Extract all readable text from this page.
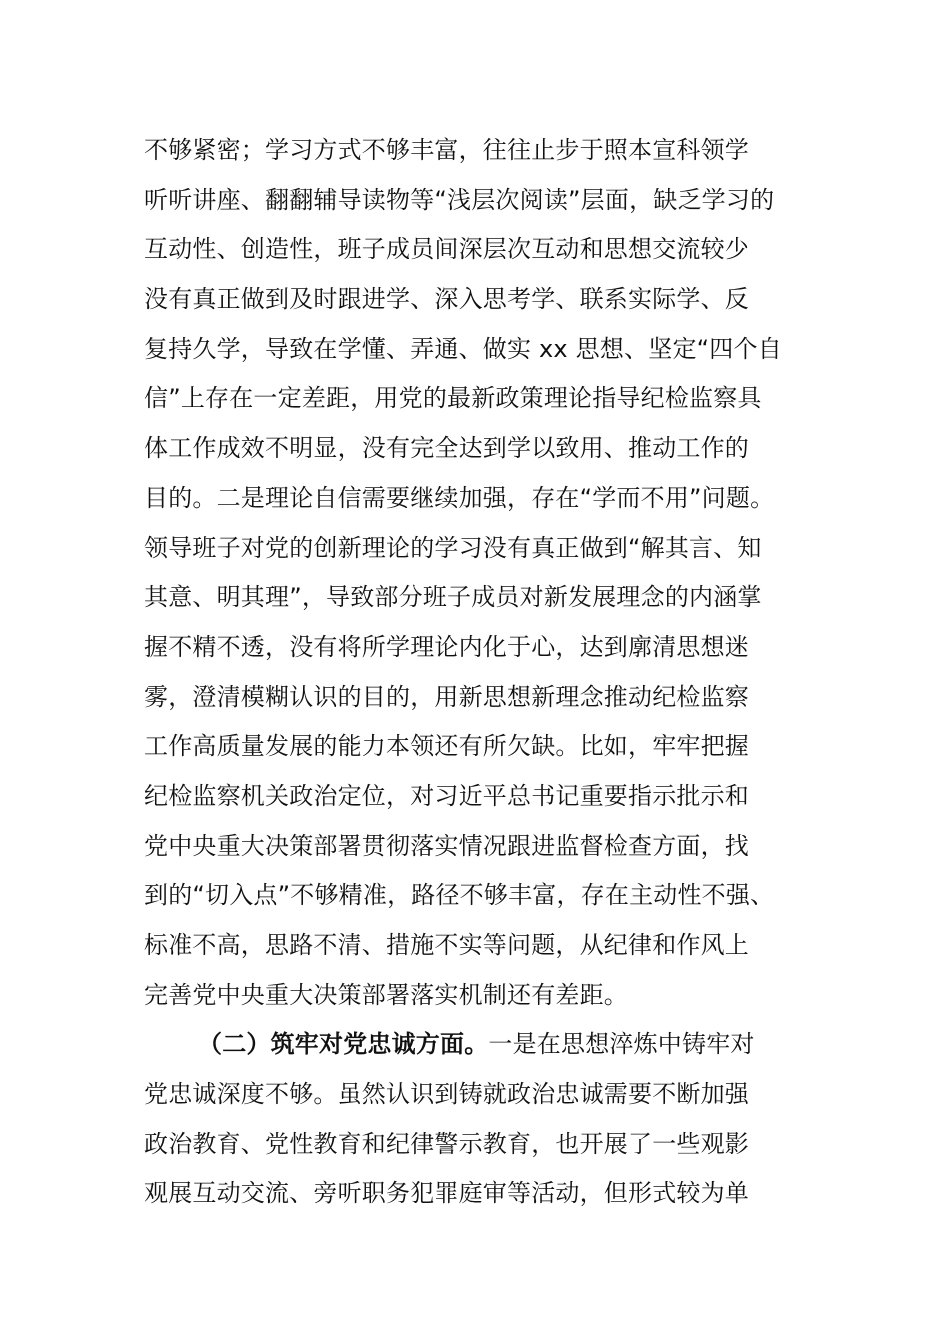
不够紧密；学习方式不够丰富，往往止步于照本宣科领学
听听讲座、翻翻辅导读物等“浅层次阅读”层面，缺乏学习的
互动性、创造性，班子成员间深层次互动和思想交流较少
没有真正做到及时跟进学、深入思考学、联系实际学、反
复持久学，导致在学懂、弄通、做实 xx 思想、坚定“四个自
信”上存在一定差距，用党的最新政策理论指导纪检监察具
体工作成效不明显，没有完全达到学以致用、推动工作的
目的。二是理论自信需要继续加强，存在“学而不用”问题。
领导班子对党的创新理论的学习没有真正做到“解其言、知
其意、明其理”，导致部分班子成员对新发展理念的内涵掌
握不精不透，没有将所学理论内化于心，达到廓清思想迷
雾，澄清模糊认识的目的，用新思想新理念推动纪检监察
工作高质量发展的能力本领还有所欠缺。比如，牢牢把握
纪检监察机关政治定位，对习近平总书记重要指示批示和
党中央重大决策部署贯彻落实情况跟进监督检查方面，找
到的“切入点”不够精准，路径不够丰富，存在主动性不强、
标准不高，思路不清、措施不实等问题，从纪律和作风上
完善党中央重大决策部署落实机制还有差距。
（二）筑牢对党忠诚方面。一是在思想淬炼中铸牢对
党忠诚深度不够。虽然认识到铸就政治忠诚需要不断加强
政治教育、党性教育和纪律警示教育，也开展了一些观影
观展互动交流、旁听职务犯罪庭审等活动，但形式较为单
